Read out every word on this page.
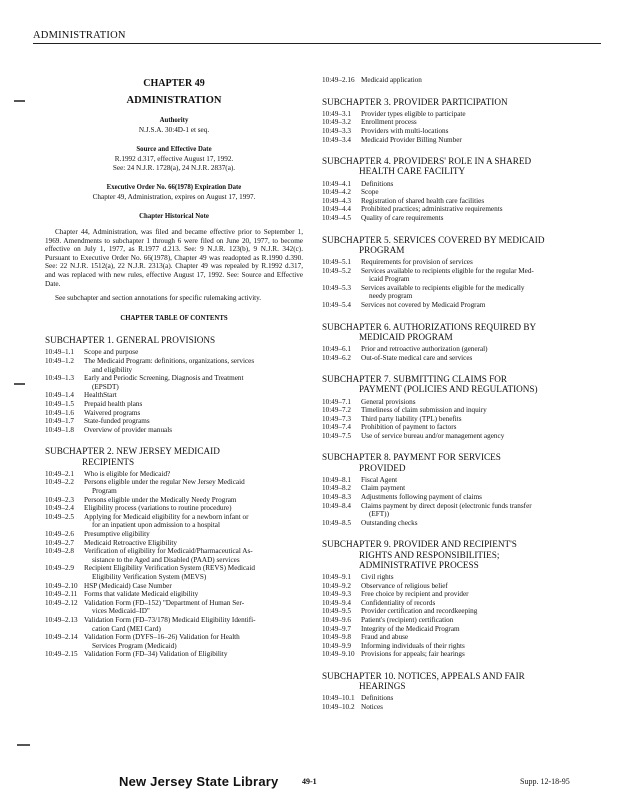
ADMINISTRATION
CHAPTER 49
ADMINISTRATION
Authority
N.J.S.A. 30:4D-1 et seq.
Source and Effective Date
R.1992 d.317, effective August 17, 1992.
See: 24 N.J.R. 1728(a), 24 N.J.R. 2837(a).
Executive Order No. 66(1978) Expiration Date
Chapter 49, Administration, expires on August 17, 1997.
Chapter Historical Note
Chapter 44, Administration, was filed and became effective prior to September 1, 1969. Amendments to subchapter 1 through 6 were filed on June 20, 1977, to become effective on July 1, 1977, as R.1977 d.213. See: 9 N.J.R. 123(b), 9 N.J.R. 342(c). Pursuant to Executive Order No. 66(1978), Chapter 49 was readopted as R.1990 d.390. See: 22 N.J.R. 1512(a), 22 N.J.R. 2313(a). Chapter 49 was repealed by R.1992 d.317, and was replaced with new rules, effective August 17, 1992. See: Source and Effective Date.
See subchapter and section annotations for specific rulemaking activity.
CHAPTER TABLE OF CONTENTS
SUBCHAPTER 1. GENERAL PROVISIONS
10:49–1.1	Scope and purpose
10:49–1.2	The Medicaid Program: definitions, organizations, services
and eligibility
10:49–1.3	Early and Periodic Screening, Diagnosis and Treatment
(EPSDT)
10:49–1.4	HealthStart
10:49–1.5	Prepaid health plans
10:49–1.6	Waivered programs
10:49–1.7	State-funded programs
10:49–1.8	Overview of provider manuals
SUBCHAPTER 2. NEW JERSEY MEDICAID
RECIPIENTS
10:49–2.1	Who is eligible for Medicaid?
10:49–2.2	Persons eligible under the regular New Jersey Medicaid
Program
10:49–2.3	Persons eligible under the Medically Needy Program
10:49–2.4	Eligibility process (variations to routine procedure)
10:49–2.5	Applying for Medicaid eligibility for a newborn infant or
for an inpatient upon admission to a hospital
10:49–2.6	Presumptive eligibility
10:49–2.7	Medicaid Retroactive Eligibility
10:49–2.8	Verification of eligibility for Medicaid/Pharmaceutical As-
sistance to the Aged and Disabled (PAAD) services
10:49–2.9	Recipient Eligibility Verification System (REVS) Medicaid
Eligibility Verification System (MEVS)
10:49–2.10 HSP (Medicaid) Case Number
10:49–2.11 Forms that validate Medicaid eligibility
10:49–2.12 Validation Form (FD–152) "Department of Human Ser-
vices Medicaid–ID"
10:49–2.13 Validation Form (FD–73/178) Medicaid Eligibility Identifi-
cation Card (MEI Card)
10:49–2.14 Validation Form (DYFS–16–26) Validation for Health
Services Program (Medicaid)
10:49–2.15 Validation Form (FD–34) Validation of Eligibility
10:49–2.16 Medicaid application
SUBCHAPTER 3. PROVIDER PARTICIPATION
10:49–3.1	Provider types eligible to participate
10:49–3.2	Enrollment process
10:49–3.3	Providers with multi-locations
10:49–3.4	Medicaid Provider Billing Number
SUBCHAPTER 4. PROVIDERS' ROLE IN A SHARED
HEALTH CARE FACILITY
10:49–4.1	Definitions
10:49–4.2	Scope
10:49–4.3	Registration of shared health care facilities
10:49–4.4	Prohibited practices; administrative requirements
10:49–4.5	Quality of care requirements
SUBCHAPTER 5. SERVICES COVERED BY MEDICAID
PROGRAM
10:49–5.1	Requirements for provision of services
10:49–5.2	Services available to recipients eligible for the regular Med-
icaid Program
10:49–5.3	Services available to recipients eligible for the medically
needy program
10:49–5.4	Services not covered by Medicaid Program
SUBCHAPTER 6. AUTHORIZATIONS REQUIRED BY
MEDICAID PROGRAM
10:49–6.1	Prior and retroactive authorization (general)
10:49–6.2	Out-of-State medical care and services
SUBCHAPTER 7. SUBMITTING CLAIMS FOR
PAYMENT (POLICIES AND REGULATIONS)
10:49–7.1	General provisions
10:49–7.2	Timeliness of claim submission and inquiry
10:49–7.3	Third party liability (TPL) benefits
10:49–7.4	Prohibition of payment to factors
10:49–7.5	Use of service bureau and/or management agency
SUBCHAPTER 8. PAYMENT FOR SERVICES
PROVIDED
10:49–8.1	Fiscal Agent
10:49–8.2	Claim payment
10:49–8.3	Adjustments following payment of claims
10:49–8.4	Claims payment by direct deposit (electronic funds transfer
(EFT))
10:49–8.5	Outstanding checks
SUBCHAPTER 9. PROVIDER AND RECIPIENT'S
RIGHTS AND RESPONSIBILITIES;
ADMINISTRATIVE PROCESS
10:49–9.1	Civil rights
10:49–9.2	Observance of religious belief
10:49–9.3	Free choice by recipient and provider
10:49–9.4	Confidentiality of records
10:49–9.5	Provider certification and recordkeeping
10:49–9.6	Patient's (recipient) certification
10:49–9.7	Integrity of the Medicaid Program
10:49–9.8	Fraud and abuse
10:49–9.9	Informing individuals of their rights
10:49–9.10 Provisions for appeals; fair hearings
SUBCHAPTER 10. NOTICES, APPEALS AND FAIR
HEARINGS
10:49–10.1 Definitions
10:49–10.2 Notices
New Jersey State Library	49-1	Supp. 12-18-95
